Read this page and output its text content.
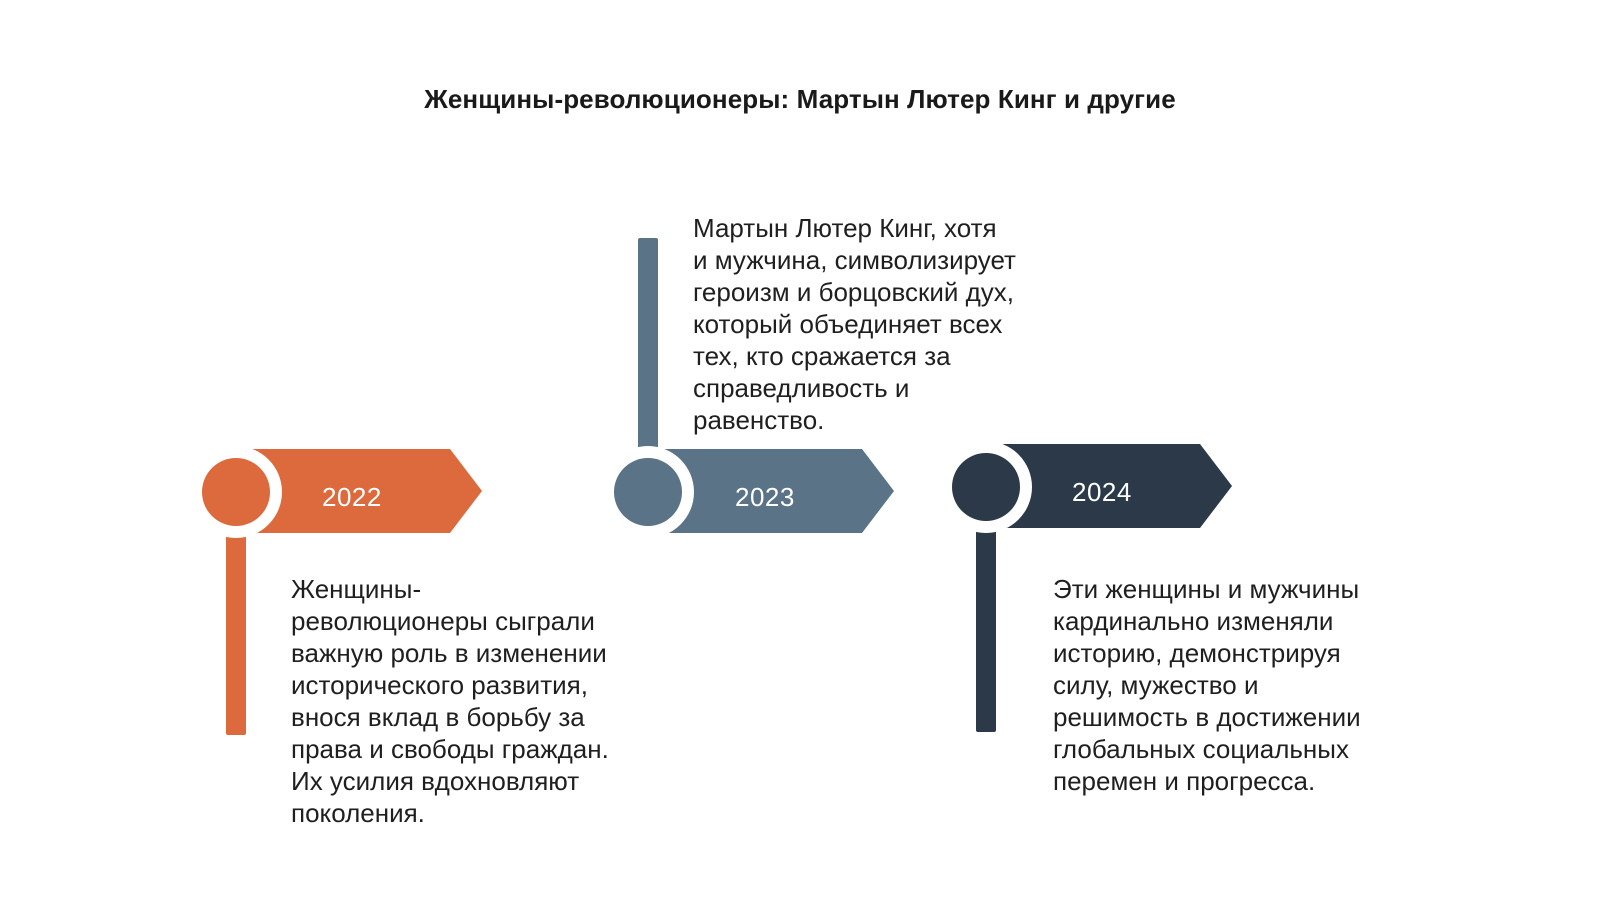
Женщины-революционеры: Мартын Лютер Кинг и другие
2022
Женщины-
революционеры сыграли
важную роль в изменении
исторического развития,
внося вклад в борьбу за
права и свободы граждан.
Их усилия вдохновляют
поколения.
2023
Мартын Лютер Кинг, хотя
и мужчина, символизирует
героизм и борцовский дух,
который объединяет всех
тех, кто сражается за
справедливость и
равенство.
2024
Эти женщины и мужчины
кардинально изменяли
историю, демонстрируя
силу, мужество и
решимость в достижении
глобальных социальных
перемен и прогресса.
